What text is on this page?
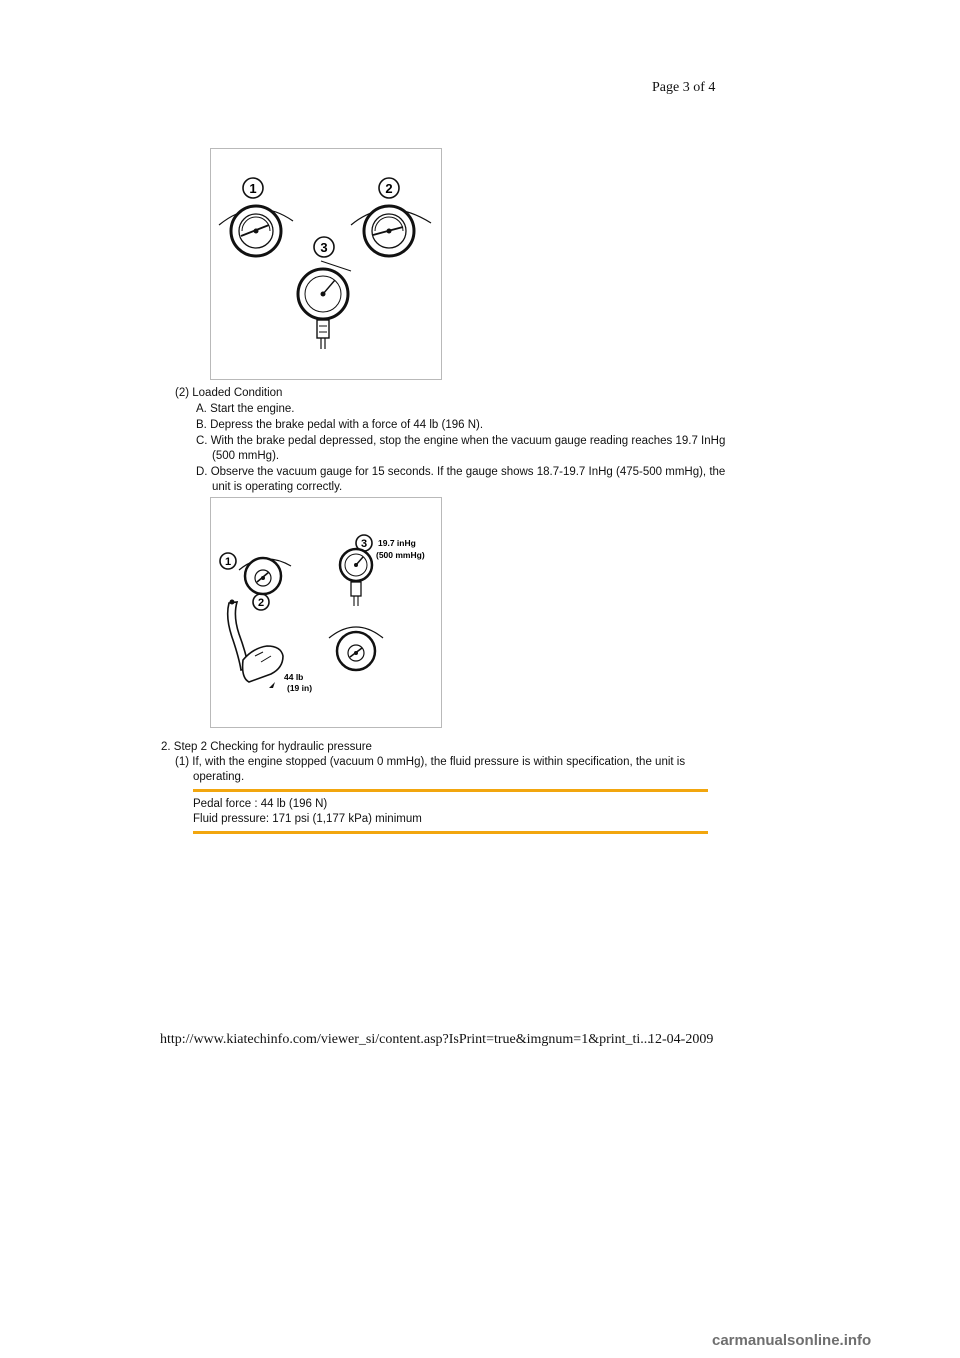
Page 3 of 4
1	2
3
(2) Loaded Condition
A. Start the engine.
B. Depress the brake pedal with a force of 44 lb (196 N).
C. With the brake pedal depressed, stop the engine when the vacuum gauge reading reaches 19.7 InHg
(500 mmHg).
D. Observe the vacuum gauge for 15 seconds. If the gauge shows 18.7-19.7 InHg (475-500 mmHg), the
unit is operating correctly.
1
2
3 19.7 inHg
(500 mmHg)
44 lb
(19 in)
2. Step 2 Checking for hydraulic pressure
(1) If, with the engine stopped (vacuum 0 mmHg), the fluid pressure is within specification, the unit is
operating.
Pedal force : 44 lb (196 N)
Fluid pressure: 171 psi (1,177 kPa) minimum
http://www.kiatechinfo.com/viewer_si/content.asp?IsPrint=true&imgnum=1&print_ti...
12-04-2009
carmanualsonline.info
